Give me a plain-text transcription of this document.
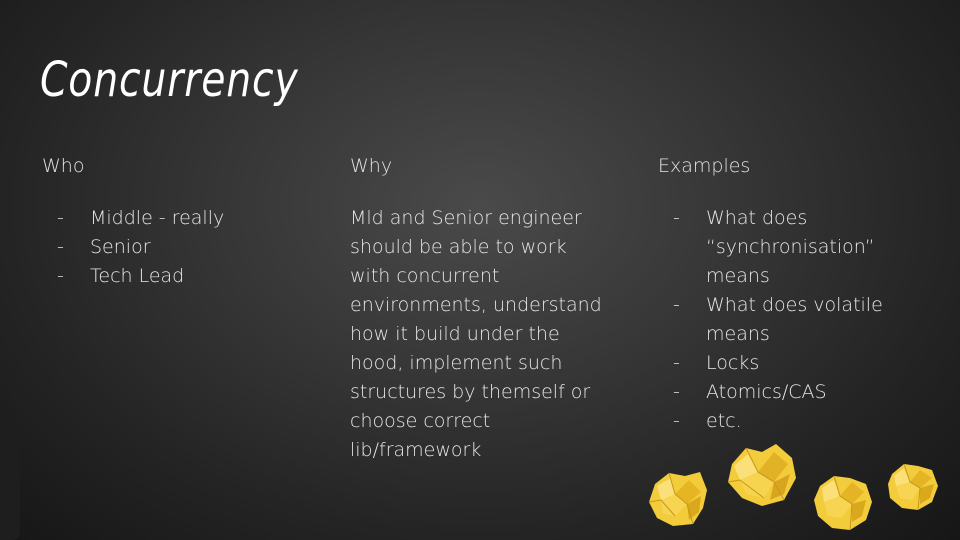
Concurrency
Who
- Middle - really
- Senior
- Tech Lead
Why
Mld and Senior engineer should be able to work with concurrent environments, understand how it build under the hood, implement such structures by themself or choose correct lib/framework
Examples
- What does “synchronisation” means
- What does volatile means
- Locks
- Atomics/CAS
- etc.
